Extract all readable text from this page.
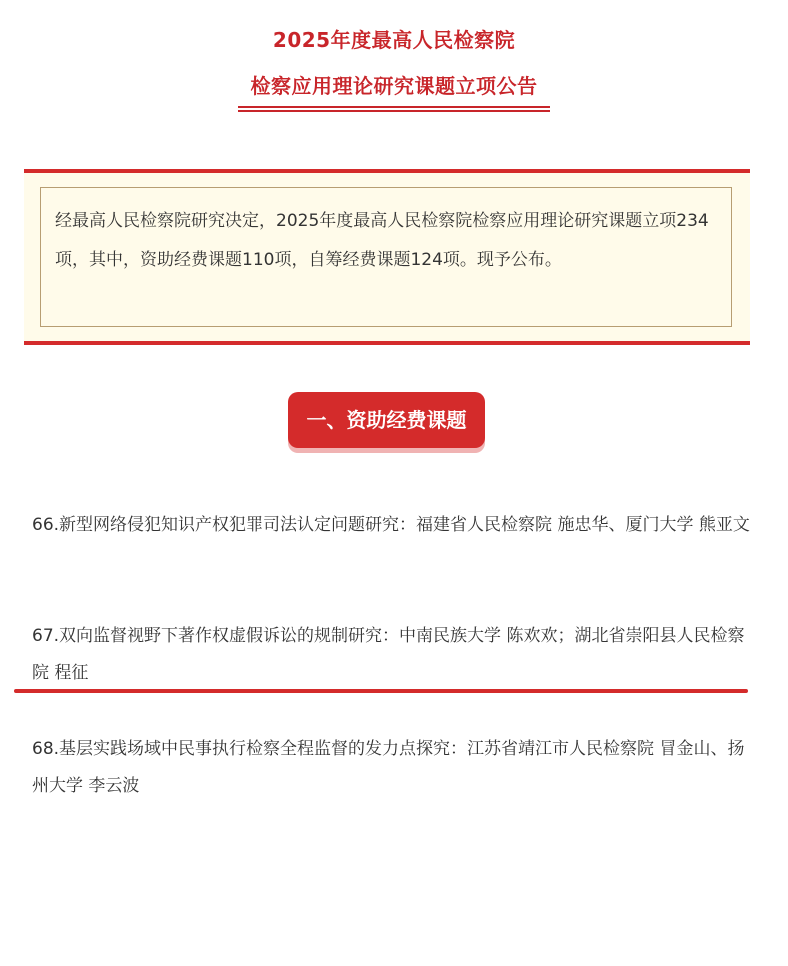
2025年度最高人民检察院
检察应用理论研究课题立项公告
经最高人民检察院研究决定，2025年度最高人民检察院检察应用理论研究课题立项234项，其中，资助经费课题110项，自筹经费课题124项。现予公布。
一、资助经费课题
66.新型网络侵犯知识产权犯罪司法认定问题研究：福建省人民检察院 施忠华、厦门大学 熊亚文
67.双向监督视野下著作权虚假诉讼的规制研究：中南民族大学 陈欢欢；湖北省崇阳县人民检察院 程征
68.基层实践场域中民事执行检察全程监督的发力点探究：江苏省靖江市人民检察院 冒金山、扬州大学 李云波
